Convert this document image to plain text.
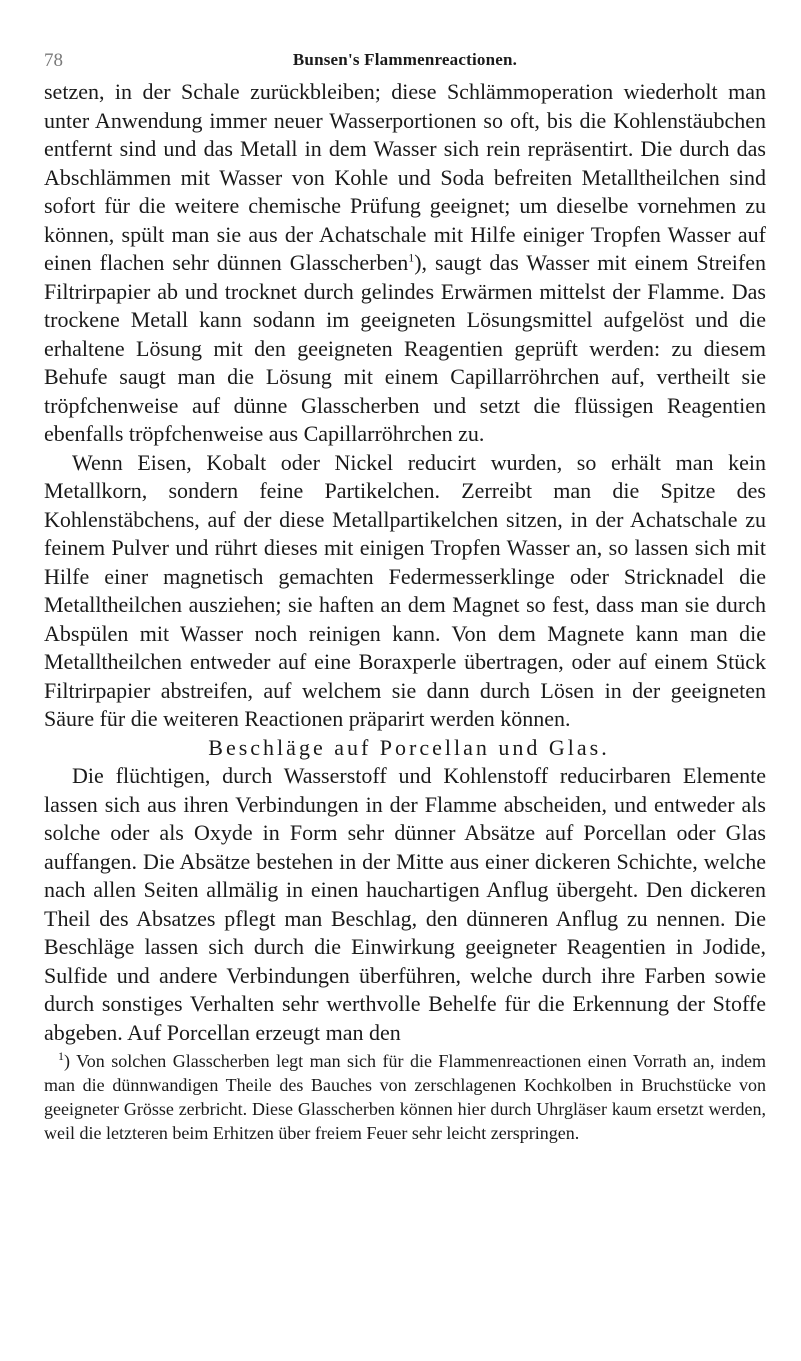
78	Bunsen's Flammenreactionen.

setzen, in der Schale zurückbleiben; diese Schlämmoperation wiederholt man unter Anwendung immer neuer Wasserportionen so oft, bis die Kohlenstäubchen entfernt sind und das Metall in dem Wasser sich rein repräsentirt. Die durch das Abschlämmen mit Wasser von Kohle und Soda befreiten Metalltheilchen sind sofort für die weitere chemische Prüfung geeignet; um dieselbe vornehmen zu können, spült man sie aus der Achatschale mit Hilfe einiger Tropfen Wasser auf einen flachen sehr dünnen Glasscherben$^1$), saugt das Wasser mit einem Streifen Filtrirpapier ab und trocknet durch gelindes Erwärmen mittelst der Flamme. Das trockene Metall kann sodann im geeigneten Lösungsmittel aufgelöst und die erhaltene Lösung mit den geeigneten Reagentien geprüft werden: zu diesem Behufe saugt man die Lösung mit einem Capillarröhrchen auf, vertheilt sie tröpfchenweise auf dünne Glasscherben und setzt die flüssigen Reagentien ebenfalls tröpfchenweise aus Capillarröhrchen zu.

Wenn Eisen, Kobalt oder Nickel reducirt wurden, so erhält man kein Metallkorn, sondern feine Partikelchen. Zerreibt man die Spitze des Kohlenstäbchens, auf der diese Metallpartikelchen sitzen, in der Achatschale zu feinem Pulver und rührt dieses mit einigen Tropfen Wasser an, so lassen sich mit Hilfe einer magnetisch gemachten Federmesserklinge oder Stricknadel die Metalltheilchen ausziehen; sie haften an dem Magnet so fest, dass man sie durch Abspülen mit Wasser noch reinigen kann. Von dem Magnete kann man die Metalltheilchen entweder auf eine Boraxperle übertragen, oder auf einem Stück Filtrirpapier abstreifen, auf welchem sie dann durch Lösen in der geeigneten Säure für die weiteren Reactionen präparirt werden können.

Beschläge auf Porcellan und Glas.

Die flüchtigen, durch Wasserstoff und Kohlenstoff reducirbaren Elemente lassen sich aus ihren Verbindungen in der Flamme abscheiden, und entweder als solche oder als Oxyde in Form sehr dünner Absätze auf Porcellan oder Glas auffangen. Die Absätze bestehen in der Mitte aus einer dickeren Schichte, welche nach allen Seiten allmälig in einen hauchartigen Anflug übergeht. Den dickeren Theil des Absatzes pflegt man Beschlag, den dünneren Anflug zu nennen. Die Beschläge lassen sich durch die Einwirkung geeigneter Reagentien in Jodide, Sulfide und andere Verbindungen überführen, welche durch ihre Farben sowie durch sonstiges Verhalten sehr werthvolle Behelfe für die Erkennung der Stoffe abgeben. Auf Porcellan erzeugt man den

$^1$) Von solchen Glasscherben legt man sich für die Flammenreactionen einen Vorrath an, indem man die dünnwandigen Theile des Bauches von zerschlagenen Kochkolben in Bruchstücke von geeigneter Grösse zerbricht. Diese Glasscherben können hier durch Uhrgläser kaum ersetzt werden, weil die letzteren beim Erhitzen über freiem Feuer sehr leicht zerspringen.
